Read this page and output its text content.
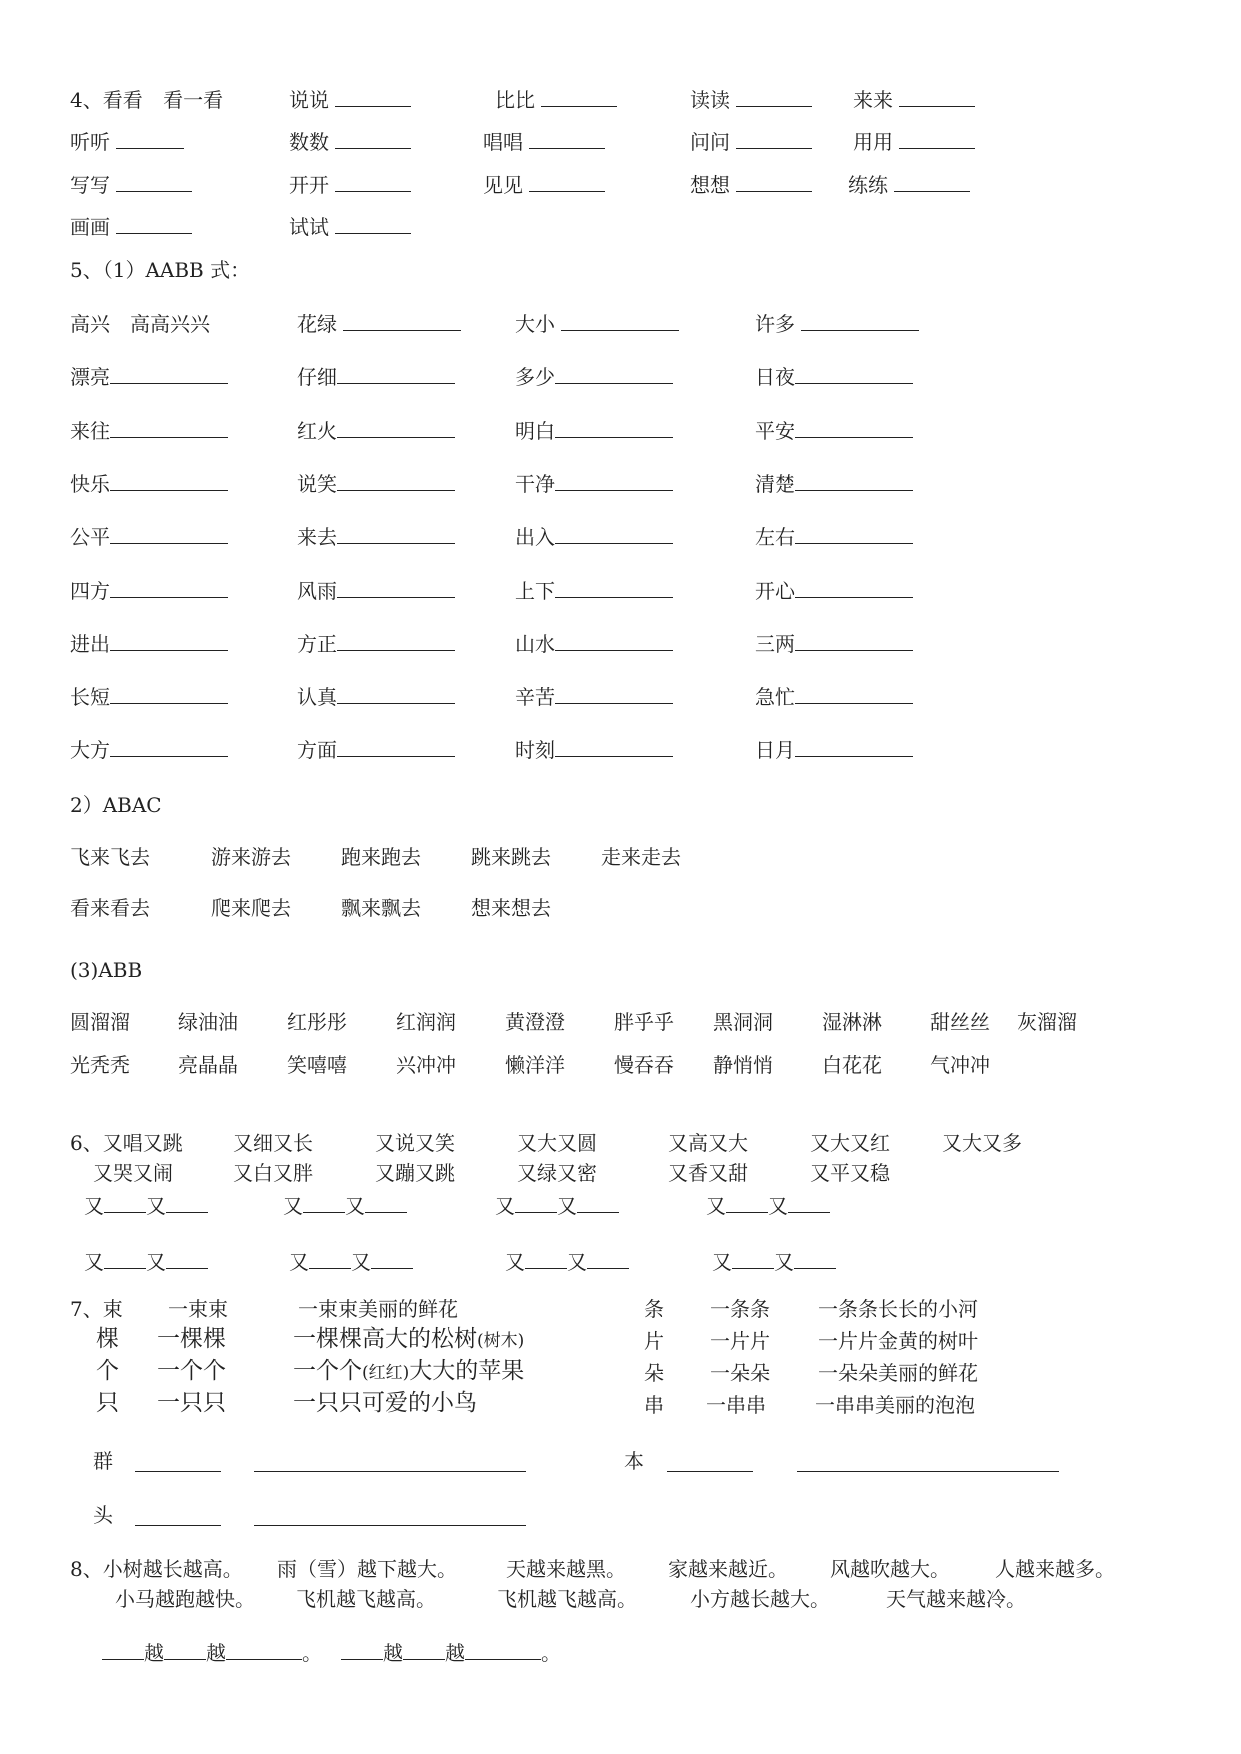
4、看看 看一看	说说	比比	读读	来来
听听	数数	唱唱	问问	用用
写写	开开	见见	想想	练练
画画	试试
5、（1）AABB 式：
高兴 高高兴兴	花绿	大小	许多
漂亮	仔细	多少	日夜
来往	红火	明白	平安
快乐	说笑	干净	清楚
公平	来去	出入	左右
四方	风雨	上下	开心
进出	方正	山水	三两
长短	认真	辛苦	急忙
大方	方面	时刻	日月
2）ABAC
飞来飞去	游来游去	跑来跑去	跳来跳去	走来走去
看来看去	爬来爬去	飘来飘去	想来想去
(3)ABB
圆溜溜 绿油油 红彤彤 红润润 黄澄澄 胖乎乎 黑洞洞 湿淋淋 甜丝丝 灰溜溜
光秃秃 亮晶晶 笑嘻嘻 兴冲冲 懒洋洋 慢吞吞 静悄悄 白花花 气冲冲
6、又唱又跳	又细又长	又说又笑	又大又圆	又高又大	又大又红	又大又多
又哭又闹	又白又胖	又蹦又跳	又绿又密	又香又甜	又平又稳
又 又	又 又	又 又	又 又
又 又	又 又	又 又	又 又
7、束 一束束	一束束美丽的鲜花
棵 一棵棵	一棵棵高大的松树(树木)
个 一个个	一个个(红红)大大的苹果
只 一只只	一只只可爱的小鸟
条 一条条 一条条长长的小河
片 一片片 一片片金黄的树叶
朵 一朵朵 一朵朵美丽的鲜花
串 一串串 一串串美丽的泡泡
群	本
头
8、小树越长越高。 雨（雪）越下越大。 天越来越黑。 家越来越近。 风越吹越大。 人越来越多。
小马越跑越快。 飞机越飞越高。	飞机越飞越高。	小方越长越大。	天气越来越冷。
越 越	。	越 越	。
